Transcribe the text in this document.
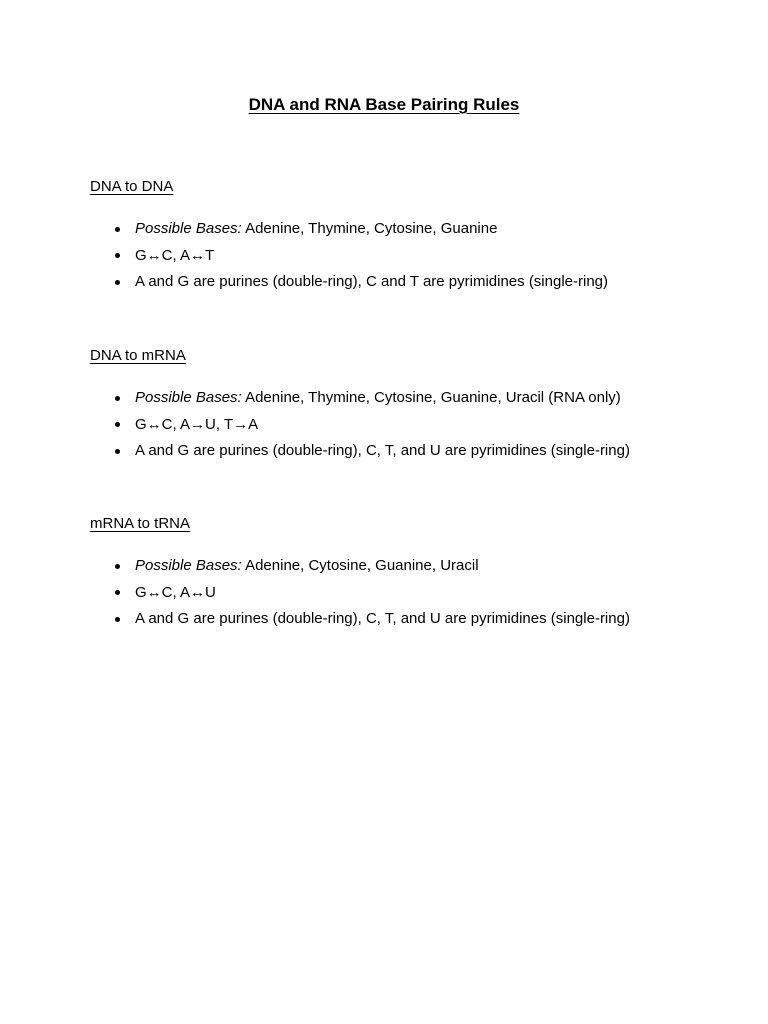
DNA and RNA Base Pairing Rules

DNA to DNA

Possible Bases: Adenine, Thymine, Cytosine, Guanine
G↔C, A↔T
A and G are purines (double-ring), C and T are pyrimidines (single-ring)

DNA to mRNA

Possible Bases: Adenine, Thymine, Cytosine, Guanine, Uracil (RNA only)
G↔C, A→U, T→A
A and G are purines (double-ring), C, T, and U are pyrimidines (single-ring)

mRNA to tRNA

Possible Bases: Adenine, Cytosine, Guanine, Uracil
G↔C, A↔U
A and G are purines (double-ring), C, T, and U are pyrimidines (single-ring)
